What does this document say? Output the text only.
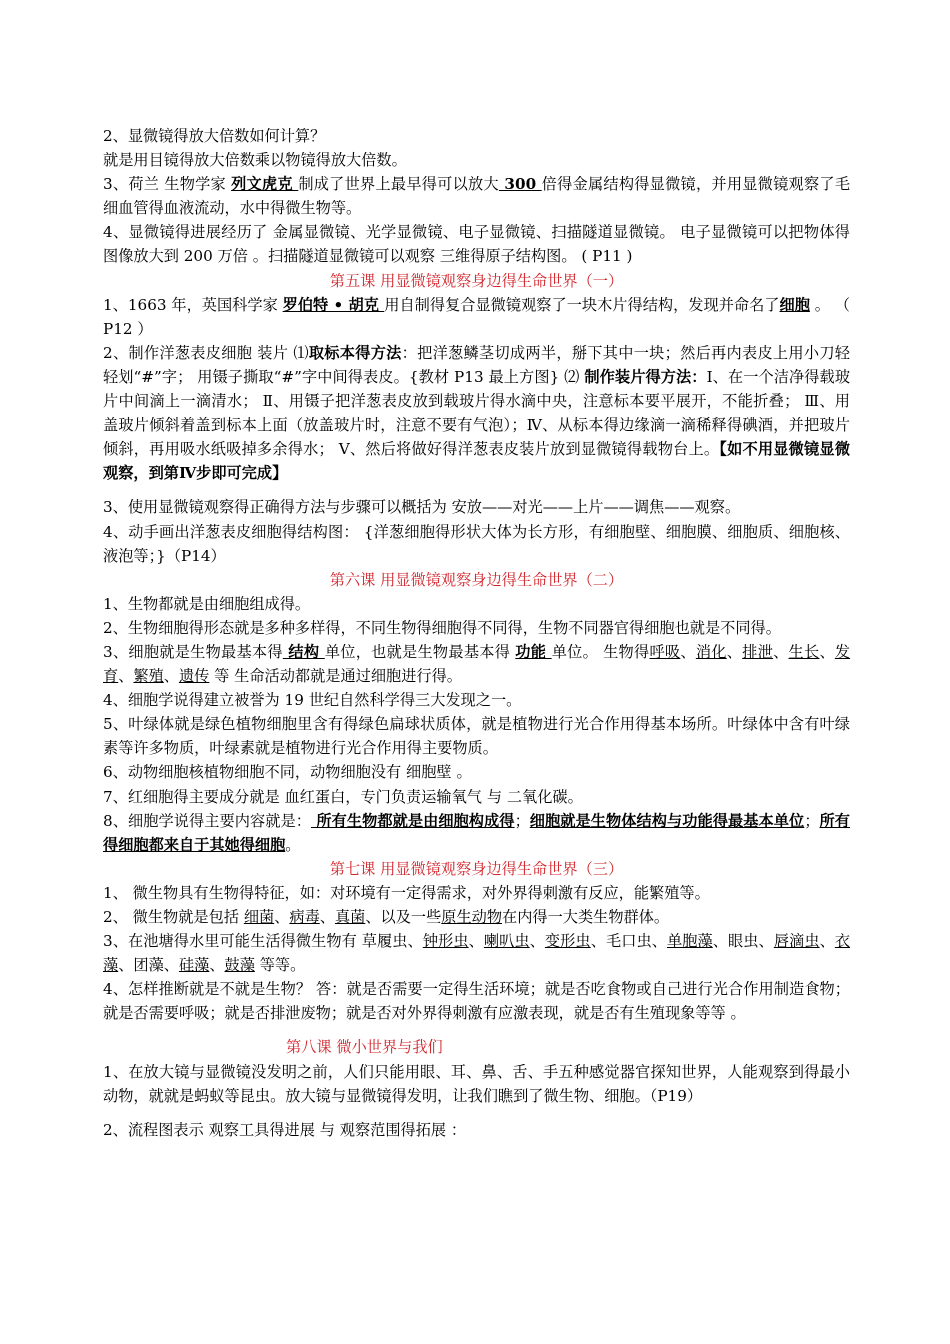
2、显微镜得放大倍数如何计算？

就是用目镜得放大倍数乘以物镜得放大倍数。

3、荷兰 生物学家 列文虎克 制成了世界上最早得可以放大 300 倍得金属结构得显微镜，并用显微镜观察了毛细血管得血液流动，水中得微生物等。

4、显微镜得进展经历了 金属显微镜、光学显微镜、电子显微镜、扫描隧道显微镜。 电子显微镜可以把物体得图像放大到 200 万倍 。扫描隧道显微镜可以观察 三维得原子结构图。 ( P11 )

第五课 用显微镜观察身边得生命世界（一）

1、1663 年，英国科学家 罗伯特 • 胡克 用自制得复合显微镜观察了一块木片得结构，发现并命名了细胞 。 （ P12 ）

2、制作洋葱表皮细胞 装片 ⑴取标本得方法：把洋葱鳞茎切成两半，掰下其中一块；然后再内表皮上用小刀轻轻划“#”字； 用镊子撕取“#”字中间得表皮。{教材 P13 最上方图} ⑵ 制作装片得方法：Ⅰ、在一个洁净得载玻片中间滴上一滴清水； Ⅱ、用镊子把洋葱表皮放到载玻片得水滴中央，注意标本要平展开，不能折叠； Ⅲ、用盖玻片倾斜着盖到标本上面（放盖玻片时，注意不要有气泡）；Ⅳ、从标本得边缘滴一滴稀释得碘酒，并把玻片倾斜，再用吸水纸吸掉多余得水； Ⅴ、然后将做好得洋葱表皮装片放到显微镜得载物台上。【如不用显微镜显微观察，到第Ⅳ步即可完成】

3、使用显微镜观察得正确得方法与步骤可以概括为 安放——对光——上片——调焦——观察。

4、动手画出洋葱表皮细胞得结构图： {洋葱细胞得形状大体为长方形，有细胞壁、细胞膜、细胞质、细胞核、液泡等；}（P14）

第六课 用显微镜观察身边得生命世界（二）

1、生物都就是由细胞组成得。

2、生物细胞得形态就是多种多样得，不同生物得细胞得不同得，生物不同器官得细胞也就是不同得。

3、细胞就是生物最基本得 结构 单位，也就是生物最基本得 功能 单位。 生物得呼吸、消化、排泄、生长、发育、繁殖、遗传 等 生命活动都就是通过细胞进行得。

4、细胞学说得建立被誉为 19 世纪自然科学得三大发现之一。

5、叶绿体就是绿色植物细胞里含有得绿色扁球状质体，就是植物进行光合作用得基本场所。叶绿体中含有叶绿素等许多物质，叶绿素就是植物进行光合作用得主要物质。

6、动物细胞核植物细胞不同，动物细胞没有 细胞壁 。

7、红细胞得主要成分就是 血红蛋白，专门负责运输氧气 与 二氧化碳。

8、细胞学说得主要内容就是： 所有生物都就是由细胞构成得；细胞就是生物体结构与功能得最基本单位；所有得细胞都来自于其她得细胞。

第七课 用显微镜观察身边得生命世界（三）

1、 微生物具有生物得特征，如：对环境有一定得需求，对外界得刺激有反应，能繁殖等。

2、 微生物就是包括 细菌、病毒、真菌、以及一些原生动物在内得一大类生物群体。

3、在池塘得水里可能生活得微生物有 草履虫、钟形虫、喇叭虫、变形虫、毛口虫、单胞藻、眼虫、唇滴虫、衣藻、团藻、硅藻、鼓藻 等等。

4、怎样推断就是不就是生物？ 答：就是否需要一定得生活环境；就是否吃食物或自己进行光合作用制造食物；就是否需要呼吸；就是否排泄废物；就是否对外界得刺激有应激表现，就是否有生殖现象等等 。

第八课 微小世界与我们

1、在放大镜与显微镜没发明之前，人们只能用眼、耳、鼻、舌、手五种感觉器官探知世界，人能观察到得最小动物，就就是蚂蚁等昆虫。放大镜与显微镜得发明，让我们瞧到了微生物、细胞。（P19）

2、流程图表示 观察工具得进展 与 观察范围得拓展 ：
